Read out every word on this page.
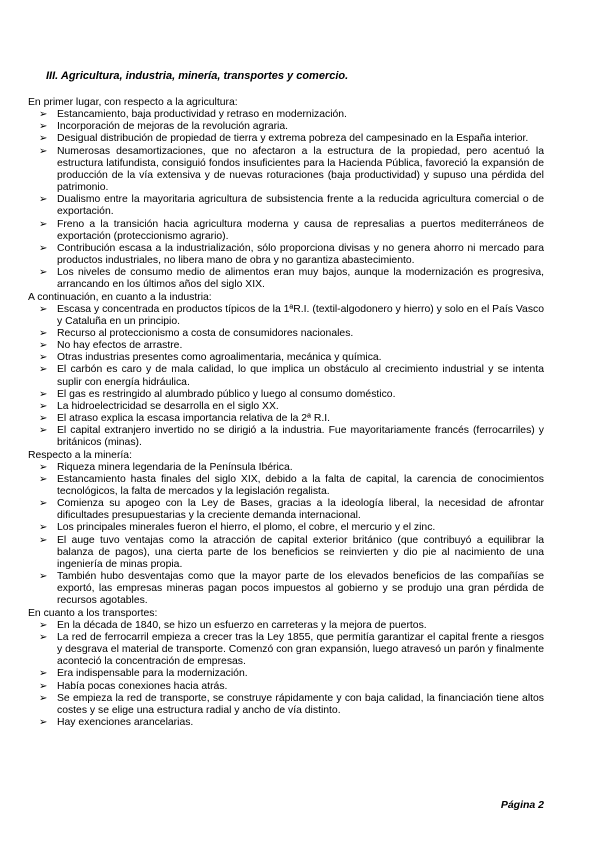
III. Agricultura, industria, minería, transportes y comercio.

En primer lugar, con respecto a la agricultura:

➢ Estancamiento, baja productividad y retraso en modernización.
➢ Incorporación de mejoras de la revolución agraria.
➢ Desigual distribución de propiedad de tierra y extrema pobreza del campesinado en la España interior.
➢ Numerosas desamortizaciones, que no afectaron a la estructura de la propiedad, pero acentuó la estructura latifundista, consiguió fondos insuficientes para la Hacienda Pública, favoreció la expansión de producción de la vía extensiva y de nuevas roturaciones (baja productividad) y supuso una pérdida del patrimonio.
➢ Dualismo entre la mayoritaria agricultura de subsistencia frente a la reducida agricultura comercial o de exportación.
➢ Freno a la transición hacia agricultura moderna y causa de represalias a puertos mediterráneos de exportación (proteccionismo agrario).
➢ Contribución escasa a la industrialización, sólo proporciona divisas y no genera ahorro ni mercado para productos industriales, no libera mano de obra y no garantiza abastecimiento.
➢ Los niveles de consumo medio de alimentos eran muy bajos, aunque la modernización es progresiva, arrancando en los últimos años del siglo XIX.

A continuación, en cuanto a la industria:

➢ Escasa y concentrada en productos típicos de la 1ªR.I. (textil-algodonero y hierro) y solo en el País Vasco y Cataluña en un principio.
➢ Recurso al proteccionismo a costa de consumidores nacionales.
➢ No hay efectos de arrastre.
➢ Otras industrias presentes como agroalimentaria, mecánica y química.
➢ El carbón es caro y de mala calidad, lo que implica un obstáculo al crecimiento industrial y se intenta suplir con energía hidráulica.
➢ El gas es restringido al alumbrado público y luego al consumo doméstico.
➢ La hidroelectricidad se desarrolla en el siglo XX.
➢ El atraso explica la escasa importancia relativa de la 2ª R.I.
➢ El capital extranjero invertido no se dirigió a la industria. Fue mayoritariamente francés (ferrocarriles) y británicos (minas).

Respecto a la minería:

➢ Riqueza minera legendaria de la Península Ibérica.
➢ Estancamiento hasta finales del siglo XIX, debido a la falta de capital, la carencia de conocimientos tecnológicos, la falta de mercados y la legislación regalista.
➢ Comienza su apogeo con la Ley de Bases, gracias a la ideología liberal, la necesidad de afrontar dificultades presupuestarias y la creciente demanda internacional.
➢ Los principales minerales fueron el hierro, el plomo, el cobre, el mercurio y el zinc.
➢ El auge tuvo ventajas como la atracción de capital exterior británico (que contribuyó a equilibrar la balanza de pagos), una cierta parte de los beneficios se reinvierten y dio pie al nacimiento de una ingeniería de minas propia.
➢ También hubo desventajas como que la mayor parte de los elevados beneficios de las compañías se exportó, las empresas mineras pagan pocos impuestos al gobierno y se produjo una gran pérdida de recursos agotables.

En cuanto a los transportes:

➢ En la década de 1840, se hizo un esfuerzo en carreteras y la mejora de puertos.
➢ La red de ferrocarril empieza a crecer tras la Ley 1855, que permitía garantizar el capital frente a riesgos y desgrava el material de transporte. Comenzó con gran expansión, luego atravesó un parón y finalmente aconteció la concentración de empresas.
➢ Era indispensable para la modernización.
➢ Había pocas conexiones hacia atrás.
➢ Se empieza la red de transporte, se construye rápidamente y con baja calidad, la financiación tiene altos costes y se elige una estructura radial y ancho de vía distinto.
➢ Hay exenciones arancelarias.
Página 2
